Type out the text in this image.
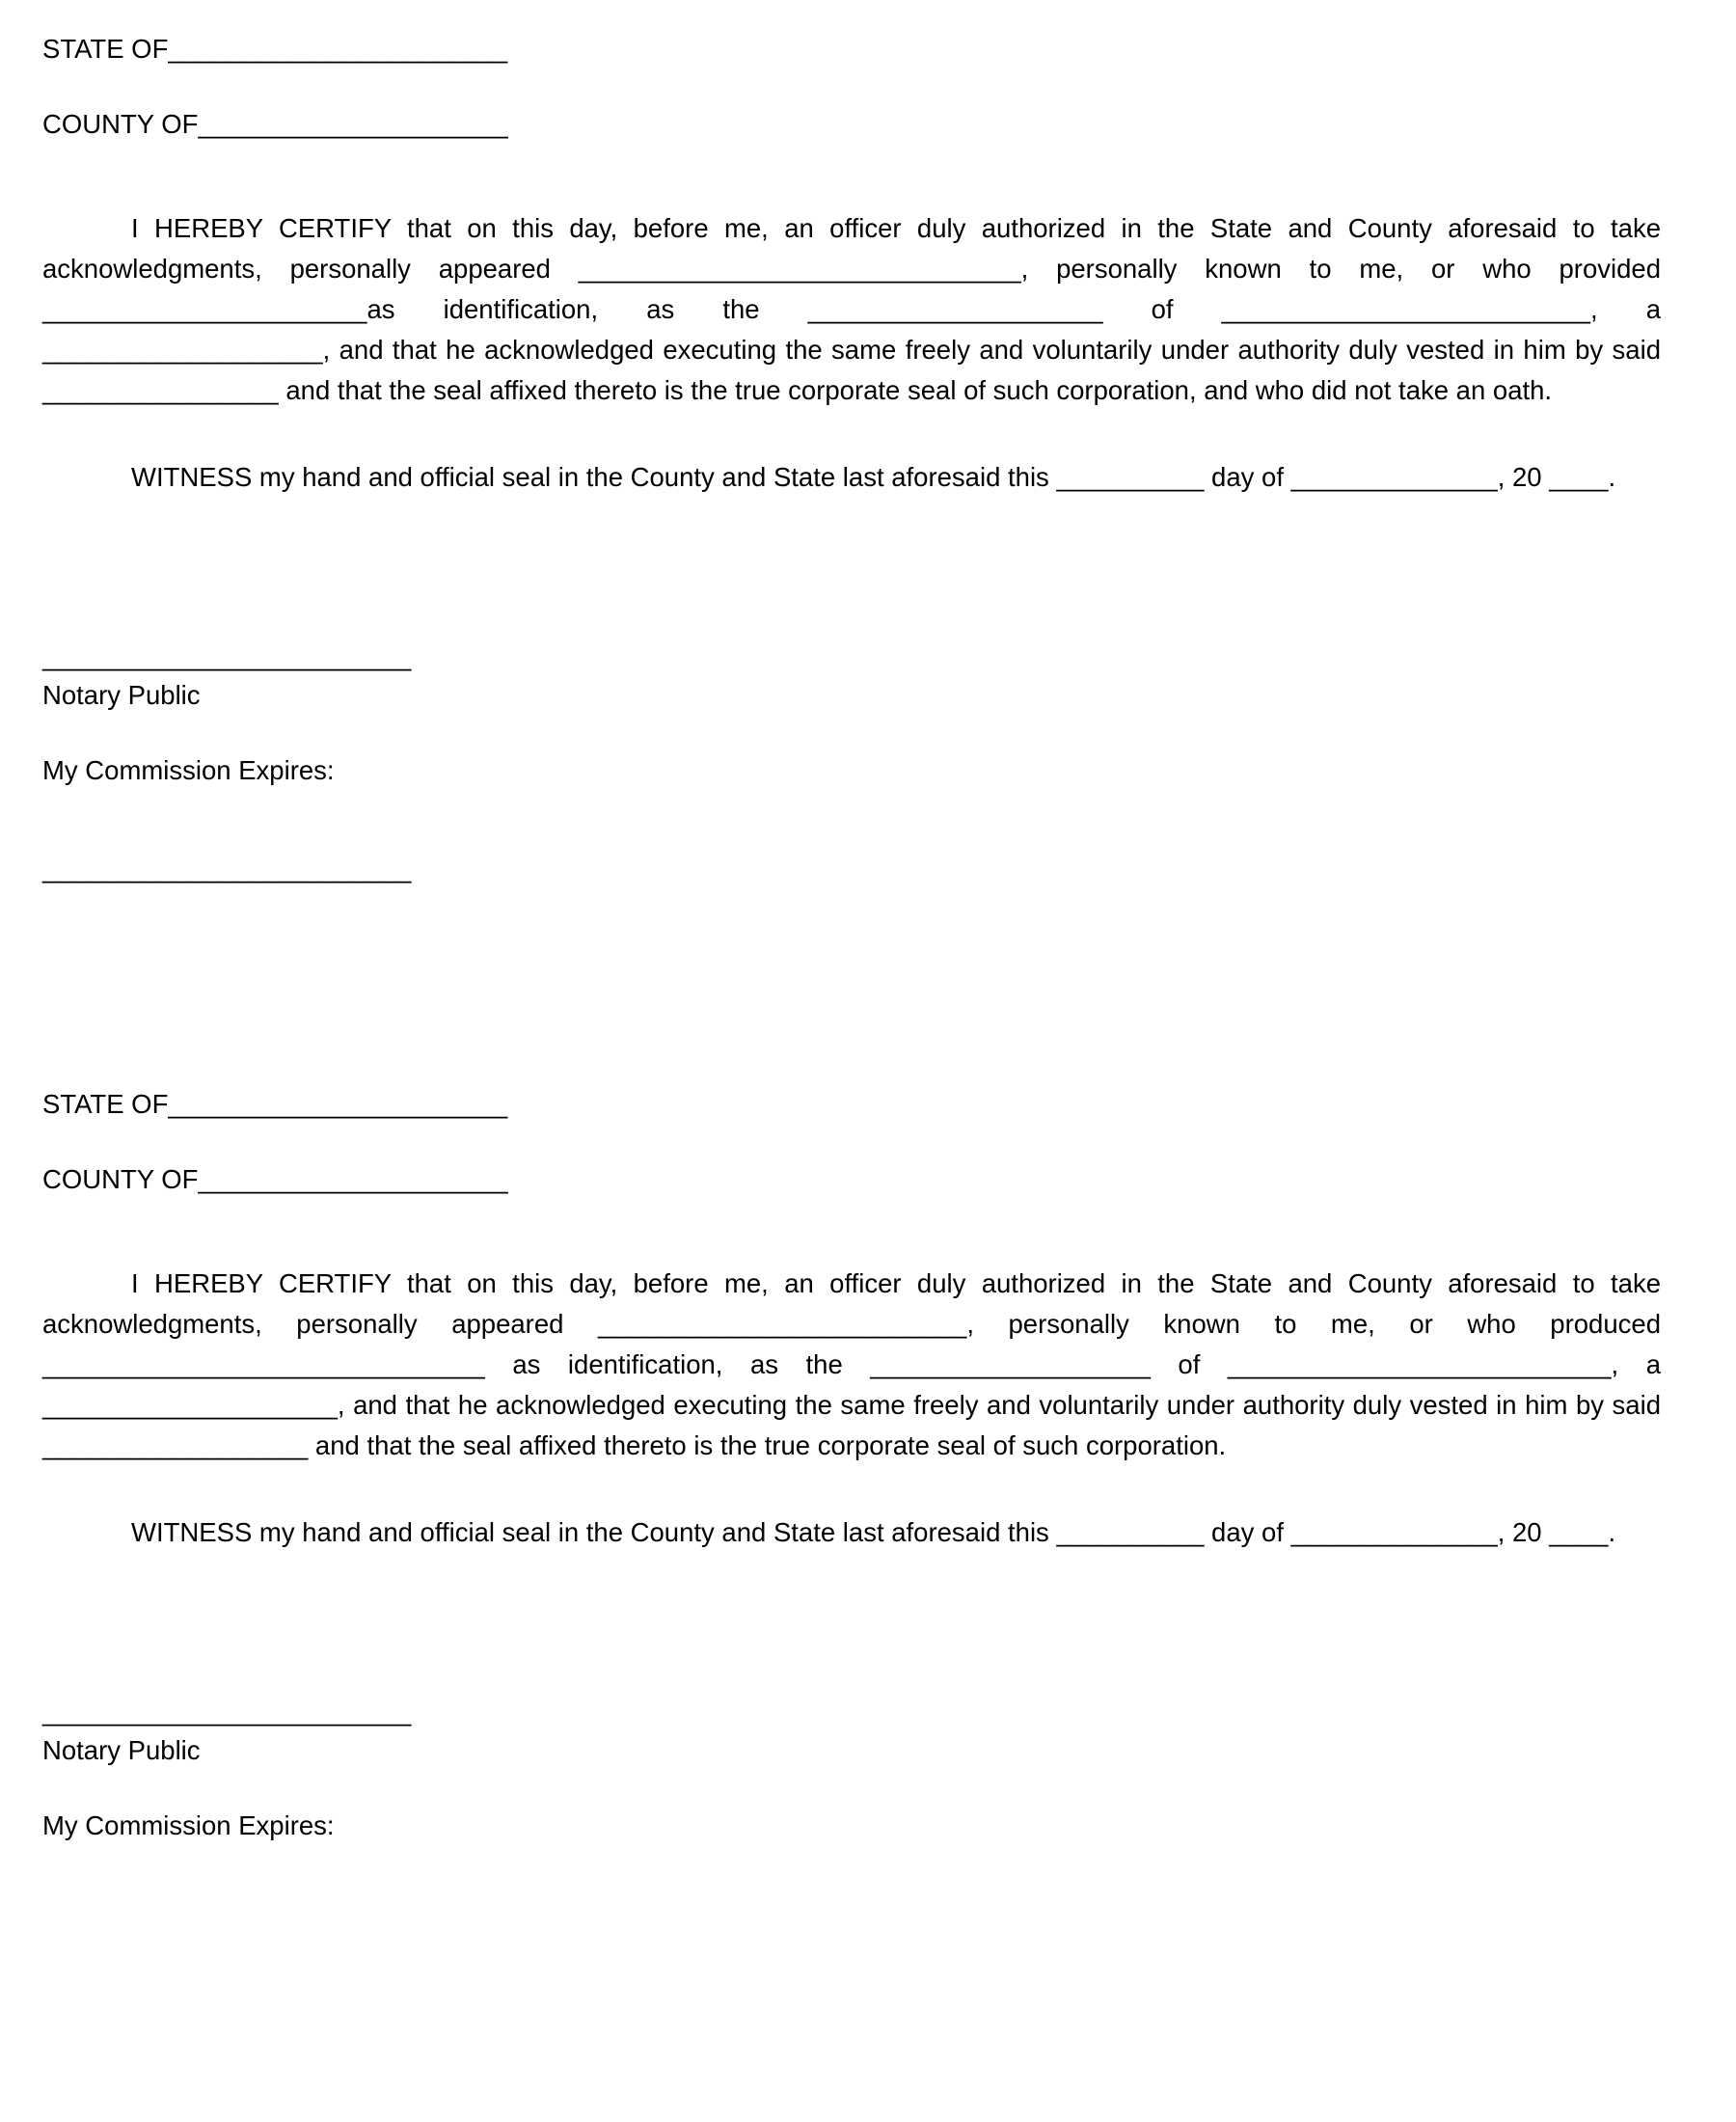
STATE OF_______________________
COUNTY OF_____________________

I HEREBY CERTIFY that on this day, before me, an officer duly authorized in the State and County aforesaid to take acknowledgments, personally appeared ______________________________, personally known to me, or who provided ______________________as identification, as the ____________________ of _________________________, a ___________________, and that he acknowledged executing the same freely and voluntarily under authority duly vested in him by said ________________ and that the seal affixed thereto is the true corporate seal of such corporation, and who did not take an oath.

WITNESS my hand and official seal in the County and State last aforesaid this __________ day of ______________, 20 ____.

_________________________
Notary Public
My Commission Expires:
_________________________
STATE OF_______________________
COUNTY OF_____________________

I HEREBY CERTIFY that on this day, before me, an officer duly authorized in the State and County aforesaid to take acknowledgments, personally appeared _________________________, personally known to me, or who produced ______________________________ as identification, as the ___________________ of __________________________, a ____________________, and that he acknowledged executing the same freely and voluntarily under authority duly vested in him by said __________________ and that the seal affixed thereto is the true corporate seal of such corporation.

WITNESS my hand and official seal in the County and State last aforesaid this __________ day of ______________, 20 ____.

_________________________
Notary Public
My Commission Expires:
